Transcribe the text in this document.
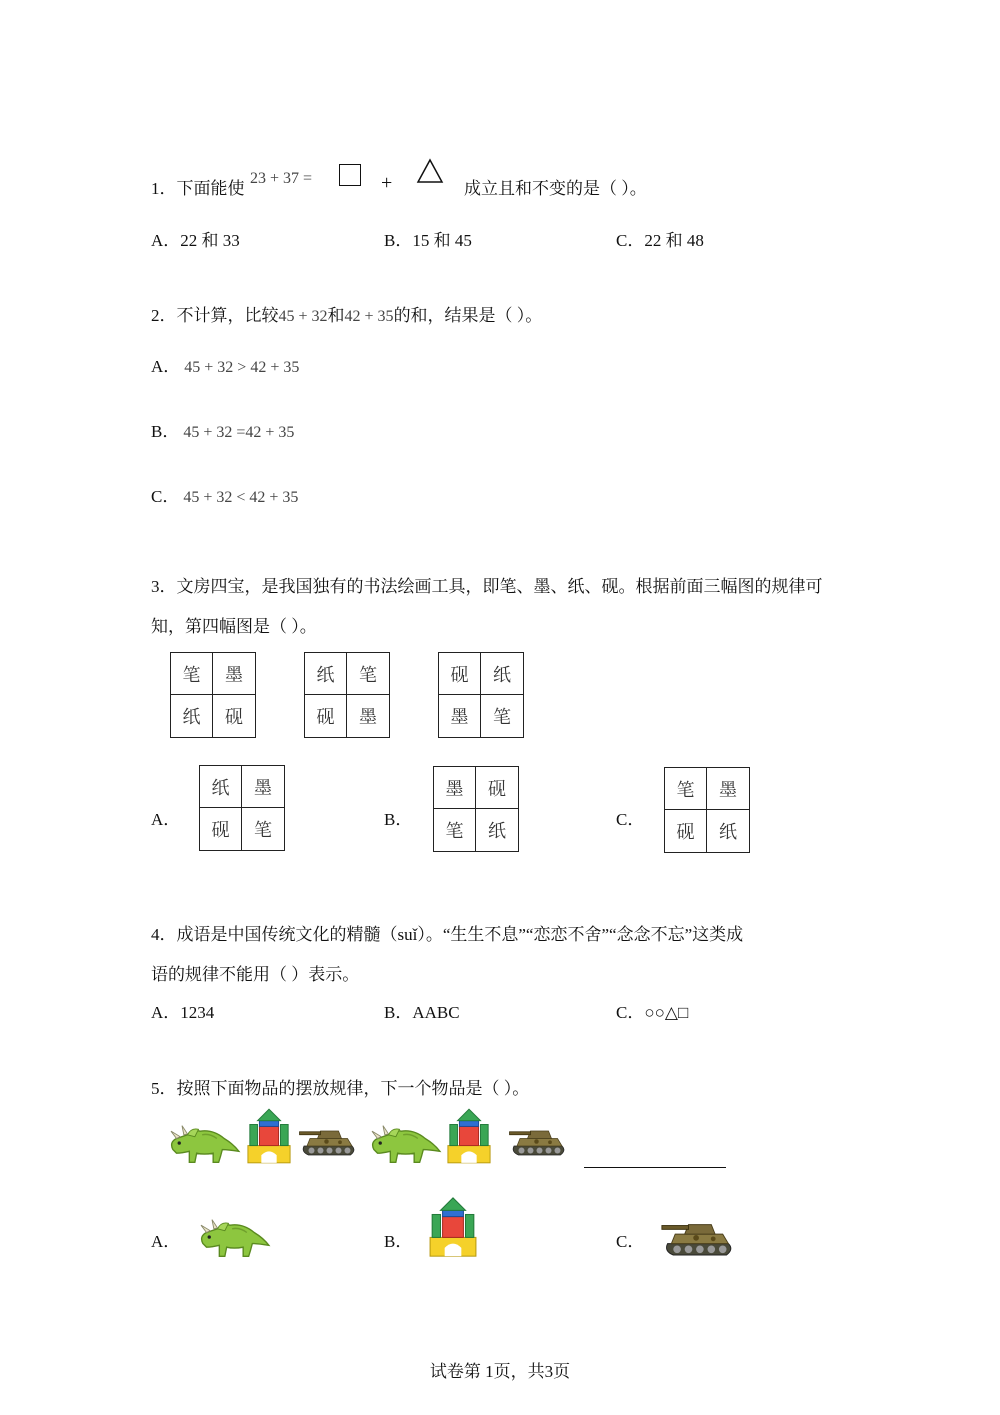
1．下面能使
23 + 37 =	+	成立且和不变的是（ ）。
A．22 和 33	B．15 和 45	C．22 和 48
2．不计算，比较45 + 32和42 + 35的和，结果是（ ）。
A． 45 + 32 > 42 + 35
B． 45 + 32 =42 + 35
C． 45 + 32 < 42 + 35
3．文房四宝，是我国独有的书法绘画工具，即笔、墨、纸、砚。根据前面三幅图的规律可
知，第四幅图是（ ）。
笔	墨
纸	砚
纸	笔
砚	墨
砚	纸
墨	笔
A．
纸	墨
砚	笔
B．
墨	砚
笔	纸
C．
笔	墨
砚	纸
4．成语是中国传统文化的精髓（suǐ）。“生生不息”“恋恋不舍”“念念不忘”这类成
语的规律不能用（ ）表示。
A．1234	B．AABC	C．○○△□
5．按照下面物品的摆放规律，下一个物品是（ ）。
A．	B．	C．
试卷第 1页，共3页
